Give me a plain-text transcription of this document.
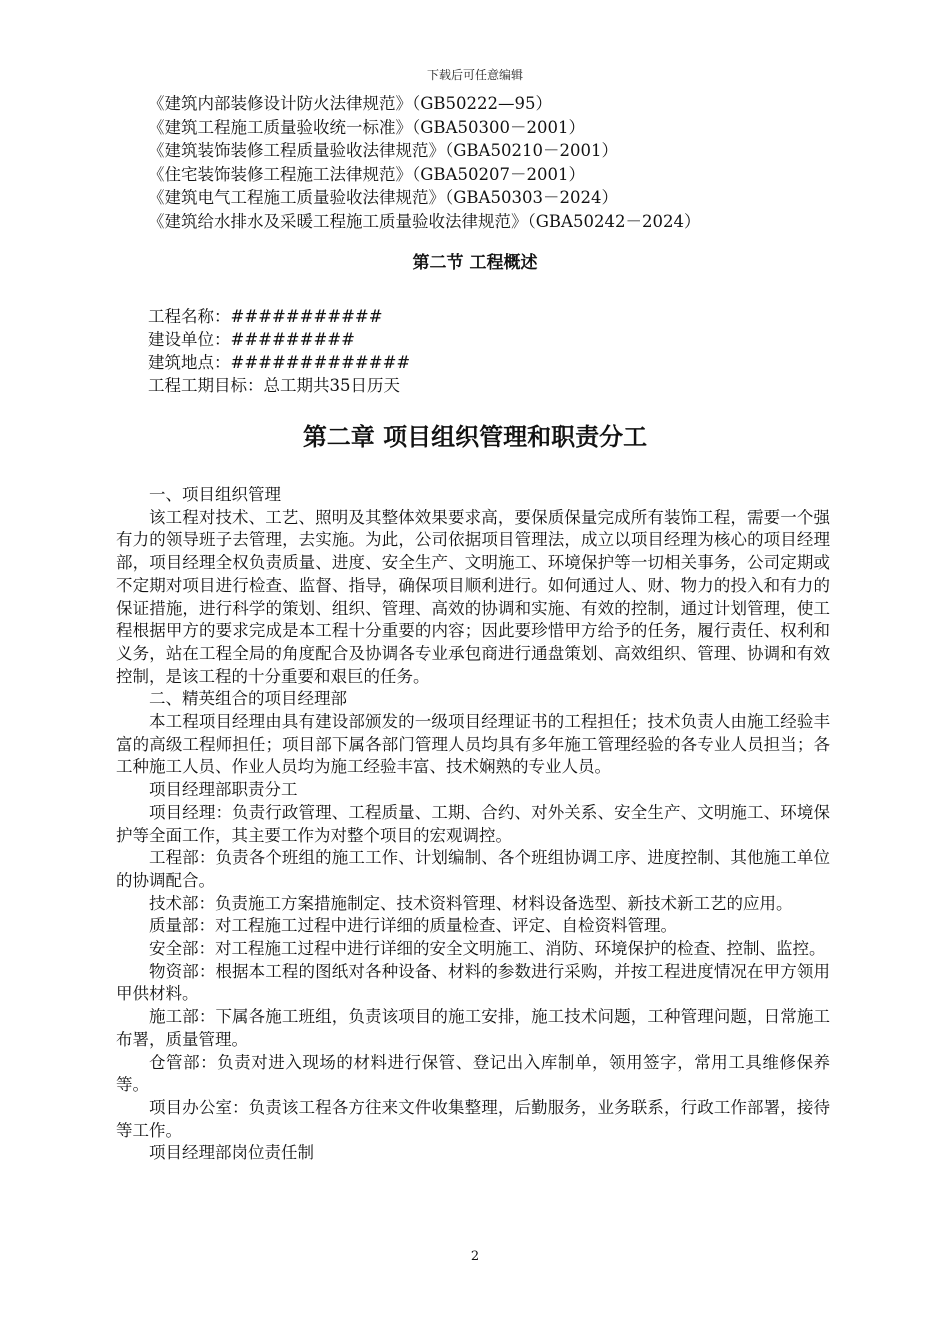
下载后可任意编辑
《建筑内部装修设计防火法律规范》（GB50222—95）
《建筑工程施工质量验收统一标准》（GBA50300－2001）
《建筑装饰装修工程质量验收法律规范》（GBA50210－2001）
《住宅装饰装修工程施工法律规范》（GBA50207－2001）
《建筑电气工程施工质量验收法律规范》（GBA50303－2024）
《建筑给水排水及采暖工程施工质量验收法律规范》（GBA50242－2024）
第二节 工程概述
工程名称：###########
建设单位：#########
建筑地点：#############
工程工期目标：总工期共35日历天
第二章 项目组织管理和职责分工

一、项目组织管理

该工程对技术、工艺、照明及其整体效果要求高，要保质保量完成所有装饰工程，需要一个强有力的领导班子去管理，去实施。为此，公司依据项目管理法，成立以项目经理为核心的项目经理部，项目经理全权负责质量、进度、安全生产、文明施工、环境保护等一切相关事务，公司定期或不定期对项目进行检查、监督、指导，确保项目顺利进行。如何通过人、财、物力的投入和有力的保证措施，进行科学的策划、组织、管理、高效的协调和实施、有效的控制，通过计划管理，使工程根据甲方的要求完成是本工程十分重要的内容；因此要珍惜甲方给予的任务，履行责任、权利和义务，站在工程全局的角度配合及协调各专业承包商进行通盘策划、高效组织、管理、协调和有效控制，是该工程的十分重要和艰巨的任务。

二、精英组合的项目经理部

本工程项目经理由具有建设部颁发的一级项目经理证书的工程担任；技术负责人由施工经验丰富的高级工程师担任；项目部下属各部门管理人员均具有多年施工管理经验的各专业人员担当；各工种施工人员、作业人员均为施工经验丰富、技术娴熟的专业人员。

项目经理部职责分工

项目经理：负责行政管理、工程质量、工期、合约、对外关系、安全生产、文明施工、环境保护等全面工作，其主要工作为对整个项目的宏观调控。

工程部：负责各个班组的施工工作、计划编制、各个班组协调工序、进度控制、其他施工单位的协调配合。

技术部：负责施工方案措施制定、技术资料管理、材料设备选型、新技术新工艺的应用。

质量部：对工程施工过程中进行详细的质量检查、评定、自检资料管理。

安全部：对工程施工过程中进行详细的安全文明施工、消防、环境保护的检查、控制、监控。

物资部：根据本工程的图纸对各种设备、材料的参数进行采购，并按工程进度情况在甲方领用甲供材料。

施工部：下属各施工班组，负责该项目的施工安排，施工技术问题，工种管理问题，日常施工布署，质量管理。

仓管部：负责对进入现场的材料进行保管、登记出入库制单，领用签字，常用工具维修保养等。

项目办公室：负责该工程各方往来文件收集整理，后勤服务，业务联系，行政工作部署，接待等工作。

项目经理部岗位责任制

2
